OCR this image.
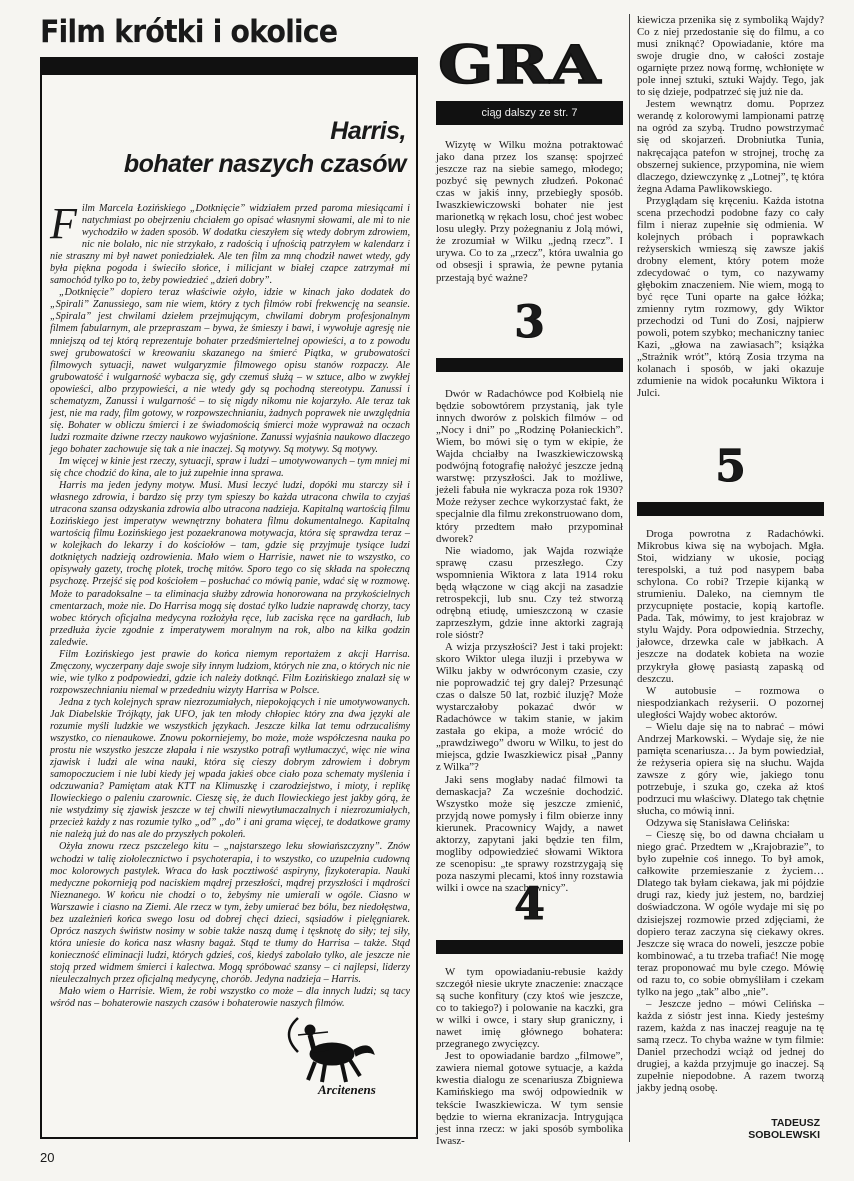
Film krótki i okolice
Harris,
bohater naszych czasów

Film Marcela Łozińskiego „Dotknięcie” widziałem przed paroma miesiącami i natychmiast po obejrzeniu chciałem go opisać własnymi słowami, ale mi to nie wychodziło w żaden sposób. W dodatku cieszyłem się wtedy dobrym zdrowiem, nic nie bolało, nic nie strzykało, z radością i ufnością patrzyłem w kalendarz i nie straszny mi był nawet poniedziałek. Ale ten film za mną chodził nawet wtedy, gdy była piękna pogoda i świeciło słońce, i milicjant w białej czapce zatrzymał mi samochód tylko po to, żeby powiedzieć „dzień dobry”.

„Dotknięcie” dopiero teraz właściwie ożyło, idzie w kinach jako dodatek do „Spirali” Zanussiego, sam nie wiem, który z tych filmów robi frekwencję na seansie. „Spirala” jest chwilami dziełem przejmującym, chwilami dobrym profesjonalnym filmem fabularnym, ale przepraszam – bywa, że śmieszy i bawi, i wywołuje agresję nie mniejszą od tej którą reprezentuje bohater przedśmiertelnej opowieści, a to z powodu swej grubowatości w kreowaniu skazanego na śmierć Piątka, w grubowatości filmowych sytuacji, nawet wulgaryzmie filmowego opisu stanów rozpaczy. Ale grubowatość i wulgarność wybacza się, gdy czemuś służą – w sztuce, albo w zwykłej opowieści, albo przypowieści, a nie wtedy gdy są pochodną stereotypu. Zanussi i schematyzm, Zanussi i wulgarność – to się nigdy nikomu nie kojarzyło. Ale teraz tak jest, nie ma rady, film gotowy, w rozpowszechnianiu, żadnych poprawek nie uwzględnia się. Bohater w obliczu śmierci i ze świadomością śmierci może wypraważ na oczach ludzi rozmaite dziwne rzeczy naukowo wyjaśnione. Zanussi wyjaśnia naukowo dlaczego jego bohater zachowuje się tak a nie inaczej. Są motywy. Są motywy. Są motywy.

Im więcej w kinie jest rzeczy, sytuacji, spraw i ludzi – umotywowanych – tym mniej mi się chce chodzić do kina, ale to już zupełnie inna sprawa.

Harris ma jeden jedyny motyw. Musi. Musi leczyć ludzi, dopóki mu starczy sił i własnego zdrowia, i bardzo się przy tym spieszy bo każda utracona chwila to czyjaś utracona szansa odzyskania zdrowia albo utracona nadzieja. Kapitalną wartością filmu Łozińskiego jest imperatyw wewnętrzny bohatera filmu dokumentalnego. Kapitalną wartością filmu Łozińskiego jest pozaekranowa motywacja, która się sprawdza teraz – w kolejkach do lekarzy i do kościołów – tam, gdzie się przyjmuje tysiące ludzi dotkniętych nadzieją ozdrowienia. Mało wiem o Harrisie, nawet nie to wszystko, co opisywały gazety, trochę plotek, trochę mitów. Sporo tego co się składa na społeczną psychozę. Przejść się pod kościołem – posłuchać co mówią panie, wdać się w rozmowę. Może to paradoksalne – ta eliminacja służby zdrowia honorowana na przykościelnych cmentarzach, może nie. Do Harrisa mogą się dostać tylko ludzie naprawdę chorzy, tacy wobec których oficjalna medycyna rozłożyła ręce, lub zaciska ręce na gardłach, lub przedłuża życie zgodnie z imperatywem moralnym na rok, albo na kilka godzin zaledwie.

Film Łozińskiego jest prawie do końca niemym reportażem z akcji Harrisa. Zmęczony, wyczerpany daje swoje siły innym ludziom, których nie zna, o których nic nie wie, wie tylko z podpowiedzi, gdzie ich należy dotknąć. Film Łozińskiego znalazł się w rozpowszechnianiu niemal w przededniu wizyty Harrisa w Polsce.

Jedna z tych kolejnych spraw niezrozumiałych, niepokojących i nie umotywowanych. Jak Diabelskie Trójkąty, jak UFO, jak ten młody chłopiec który zna dwa języki ale rozumie myśli ludzkie we wszystkich językach. Jeszcze kilka lat temu odrzucaliśmy wszystko, co nienaukowe. Znowu pokorniejemy, bo może, może współczesna nauka po prostu nie wszystko jeszcze złapała i nie wszystko potrafi wytłumaczyć, więc nie wina zjawisk i ludzi ale wina nauki, która się cieszy dobrym zdrowiem i dobrym samopoczuciem i nie lubi kiedy jej wpada jakieś obce ciało poza schematy myślenia i odczuwania? Pamiętam atak KTT na Klimuszkę i czarodziejstwo, i mioty, i replikę Ilowieckiego o paleniu czarownic. Cieszę się, że duch Ilowieckiego jest jakby górą, że nie wstydzimy się zjawisk jeszcze w tej chwili niewytłumaczalnych i niezrozumiałych, przecież każdy z nas rozumie tylko „od” „do” i ani grama więcej, te dodatkowe gramy nie należą już do nas ale do przyszłych pokoleń.

Ożyła znowu rzecz pszczelego kitu – „najstarszego leku słowiańszczyzny”. Znów wchodzi w talię ziołolecznictwo i psychoterapia, i to wszystko, co uzupełnia cudowną moc kolorowych pastylek. Wraca do łask pocztiwość aspiryny, fizykoterapia. Nauki medyczne pokornieją pod naciskiem mądrej przeszłości, mądrej przyszłości i mądrości Nieznanego. W końcu nie chodzi o to, żebyśmy nie umierali w ogóle. Ciasno w Warszawie i ciasno na Ziemi. Ale rzecz w tym, żeby umierać bez bólu, bez niedołęstwa, bez uzależnień końca swego losu od dobrej chęci dzieci, sąsiadów i pielęgniarek. Oprócz naszych świństw nosimy w sobie także naszą dumę i tęsknotę do siły; tej siły, która uniesie do końca nasz własny bagaż. Stąd te tłumy do Harrisa – także. Stąd konieczność eliminacji ludzi, których gdzieś, coś, kiedyś zabolało tylko, ale jeszcze nie stoją przed widmem śmierci i kalectwa. Mogą spróbować szansy – ci najlepsi, liderzy nieuleczalnych przez oficjalną medycynę, chorób. Jedyna nadzieja – Harris.

Mało wiem o Harrisie. Wiem, że robi wszystko co może – dla innych ludzi; są tacy wśród nas – bohaterowie naszych czasów i bohaterowie naszych filmów.

Arcitenens
GRA
ciąg dalszy ze str. 7

Wizytę w Wilku można potraktować jako dana przez los szansę: spojrzeć jeszcze raz na siebie samego, młodego; pozbyć się pewnych złudzeń. Pokonać czas w jakiś inny, przebiegły sposób. Iwaszkiewiczowski bohater nie jest marionetką w rękach losu, choć jest wobec losu uległy. Przy pożegnaniu z Jolą mówi, że zrozumiał w Wilku „jedną rzecz”. I urywa. Co to za „rzecz”, która uwalnia go od obsesji i sprawia, że pewne pytania przestają być ważne?

3

Dwór w Radachówce pod Kołbielą nie będzie sobowtórem przystanią, jak tyle innych dworów z polskich filmów – od „Nocy i dni” po „Rodzinę Połanieckich”. Wiem, bo mówi się o tym w ekipie, że Wajda chciałby na Iwaszkiewiczowską podwójną fotografię nałożyć jeszcze jedną warstwę: przyszłości. Jak to możliwe, jeżeli fabuła nie wykracza poza rok 1930? Może reżyser zechce wykorzystać fakt, że specjalnie dla filmu zrekonstruowano dom, który przedtem mało przypominał dworek?

Nie wiadomo, jak Wajda rozwiąże sprawę czasu przeszłego. Czy wspomnienia Wiktora z lata 1914 roku będą włączone w ciąg akcji na zasadzie retrospekcji, lub snu. Czy też stworzą odrębną etiudę, umieszczoną w czasie zaprzeszłym, gdzie inne aktorki zagrają role sióstr?

A wizja przyszłości? Jest i taki projekt: skoro Wiktor ulega iluzji i przebywa w Wilku jakby w odwróconym czasie, czy nie poprowadzić tej gry dalej? Przesunąć czas o dalsze 50 lat, rozbić iluzję? Może wystarczałoby pokazać dwór w Radachówce w takim stanie, w jakim zastała go ekipa, a może wrócić do „prawdziwego” dworu w Wilku, to jest do miejsca, gdzie Iwaszkiewicz pisał „Panny z Wilka”?

Jaki sens mogłaby nadać filmowi ta demaskacja? Za wcześnie dochodzić. Wszystko może się jeszcze zmienić, przyjdą nowe pomysły i film obierze inny kierunek. Pracownicy Wajdy, a nawet aktorzy, zapytani jaki będzie ten film, mogliby odpowiedzieć słowami Wiktora ze scenopisu: „te sprawy rozstrzygają się poza naszymi plecami, ktoś inny rozstawia wilki i owce na szachownicy”.

4

W tym opowiadaniu-rebusie każdy szczegół niesie ukryte znaczenie: znaczące są suche konfitury (czy ktoś wie jeszcze, co to takiego?) i polowanie na kaczki, gra w wilki i owce, i stary słup graniczny, i nawet imię głównego bohatera: przegranego zwycięzcy.

Jest to opowiadanie bardzo „filmowe”, zawiera niemal gotowe sytuacje, a każda kwestia dialogu ze scenariusza Zbigniewa Kamińskiego ma swój odpowiednik w tekście Iwaszkiewicza. W tym sensie będzie to wierna ekranizacja. Intrygująca jest inna rzecz: w jaki sposób symbolika Iwasz-

kiewicza przenika się z symboliką Wajdy? Co z niej przedostanie się do filmu, a co musi zniknąć? Opowiadanie, które ma swoje drugie dno, w całości zostaje ogarnięte przez nową formę, wchłonięte w pole innej sztuki, sztuki Wajdy. Tego, jak to się dzieje, podpatrzeć się już nie da.

Jestem wewnątrz domu. Poprzez werandę z kolorowymi lampionami patrzę na ogród za szybą. Trudno powstrzymać się od skojarzeń. Drobniutka Tunia, nakręcająca patefon w strojnej, trochę za obszernej sukience, przypomina, nie wiem dlaczego, dziewczynkę z „Lotnej”, tę która żegna Adama Pawlikowskiego.

Przyglądam się kręceniu. Każda istotna scena przechodzi podobne fazy co cały film i nieraz zupełnie się odmienia. W kolejnych próbach i poprawkach reżyserskich wmieszą się zawsze jakiś drobny element, który potem może zdecydować o tym, co nazywamy głębokim znaczeniem. Nie wiem, mogą to być ręce Tuni oparte na gałce łóżka; zmienny rytm rozmowy, gdy Wiktor przechodzi od Tuni do Zosi, najpierw powoli, potem szybko; mechaniczny taniec Kazi, „głowa na zawiasach”; książka „Strażnik wrót”, którą Zosia trzyma na kolanach i sposób, w jaki okazuje zdumienie na widok pocałunku Wiktora i Julci.

5

Droga powrotna z Radachówki. Mikrobus kiwa się na wybojach. Mgła. Stoi, widziany w ukosie, pociąg terespolski, a tuż pod nasypem baba schylona. Co robi? Trzepie kijanką w strumieniu. Dalekо, na ciemnym tle przycupnięte postacie, kopią kartofle. Pada. Tak, mówimy, to jest krajobraz w stylu Wajdy. Pora odpowiednia. Strzechy, jałowce, drzewka cale w jabłkach. A jeszcze na dodatek kobieta na wozie przykryła głowę pasiastą zapaską od deszczu.

W autobusie – rozmowa o niespodziankach reżyserii. O pozornej uległości Wajdy wobec aktorów.

– Wielu daje się na to nabrać – mówi Andrzej Markowski. – Wydaje się, że nie pamięta scenariusza… Ja bym powiedział, że reżyseria opiera się na słuchu. Wajda zawsze z góry wie, jakiego tonu potrzebuje, i szuka go, czeka aż ktoś podrzuci mu właściwy. Dlatego tak chętnie słucha, co mówią inni.

Odzywa się Stanisława Celińska:

– Cieszę się, bo od dawna chciałam u niego grać. Przedtem w „Krajobrazie”, to było zupełnie coś innego. To był amok, całkowite przemieszanie z życiem… Dlatego tak byłam ciekawa, jak mi pójdzie drugi raz, kiedy już jestem, no, bardziej doświadczona. W ogóle wydaje mi się po dzisiejszej rozmowie przed zdjęciami, że dopiero teraz zaczyna się ciekawy okres. Jeszcze się wraca do noweli, jeszcze pobie kombinować, a tu trzeba trafiać! Nie mogę teraz proponować mu byle czego. Mówię od razu to, co sobie obmyśliłam i czekam tylko na jego „tak” albo „nie”.

– Jeszcze jedno – mówi Celińska – każda z sióstr jest inna. Kiedy jesteśmy razem, każda z nas inaczej reaguje na tę samą rzecz. To chyba ważne w tym filmie: Daniel przechodzi wciąż od jednej do drugiej, a każda przyjmuje go inaczej. Są zupełnie niepodobne. A razem tworzą jakby jedną osobę.

TADEUSZ
SOBOLEWSKI
20
